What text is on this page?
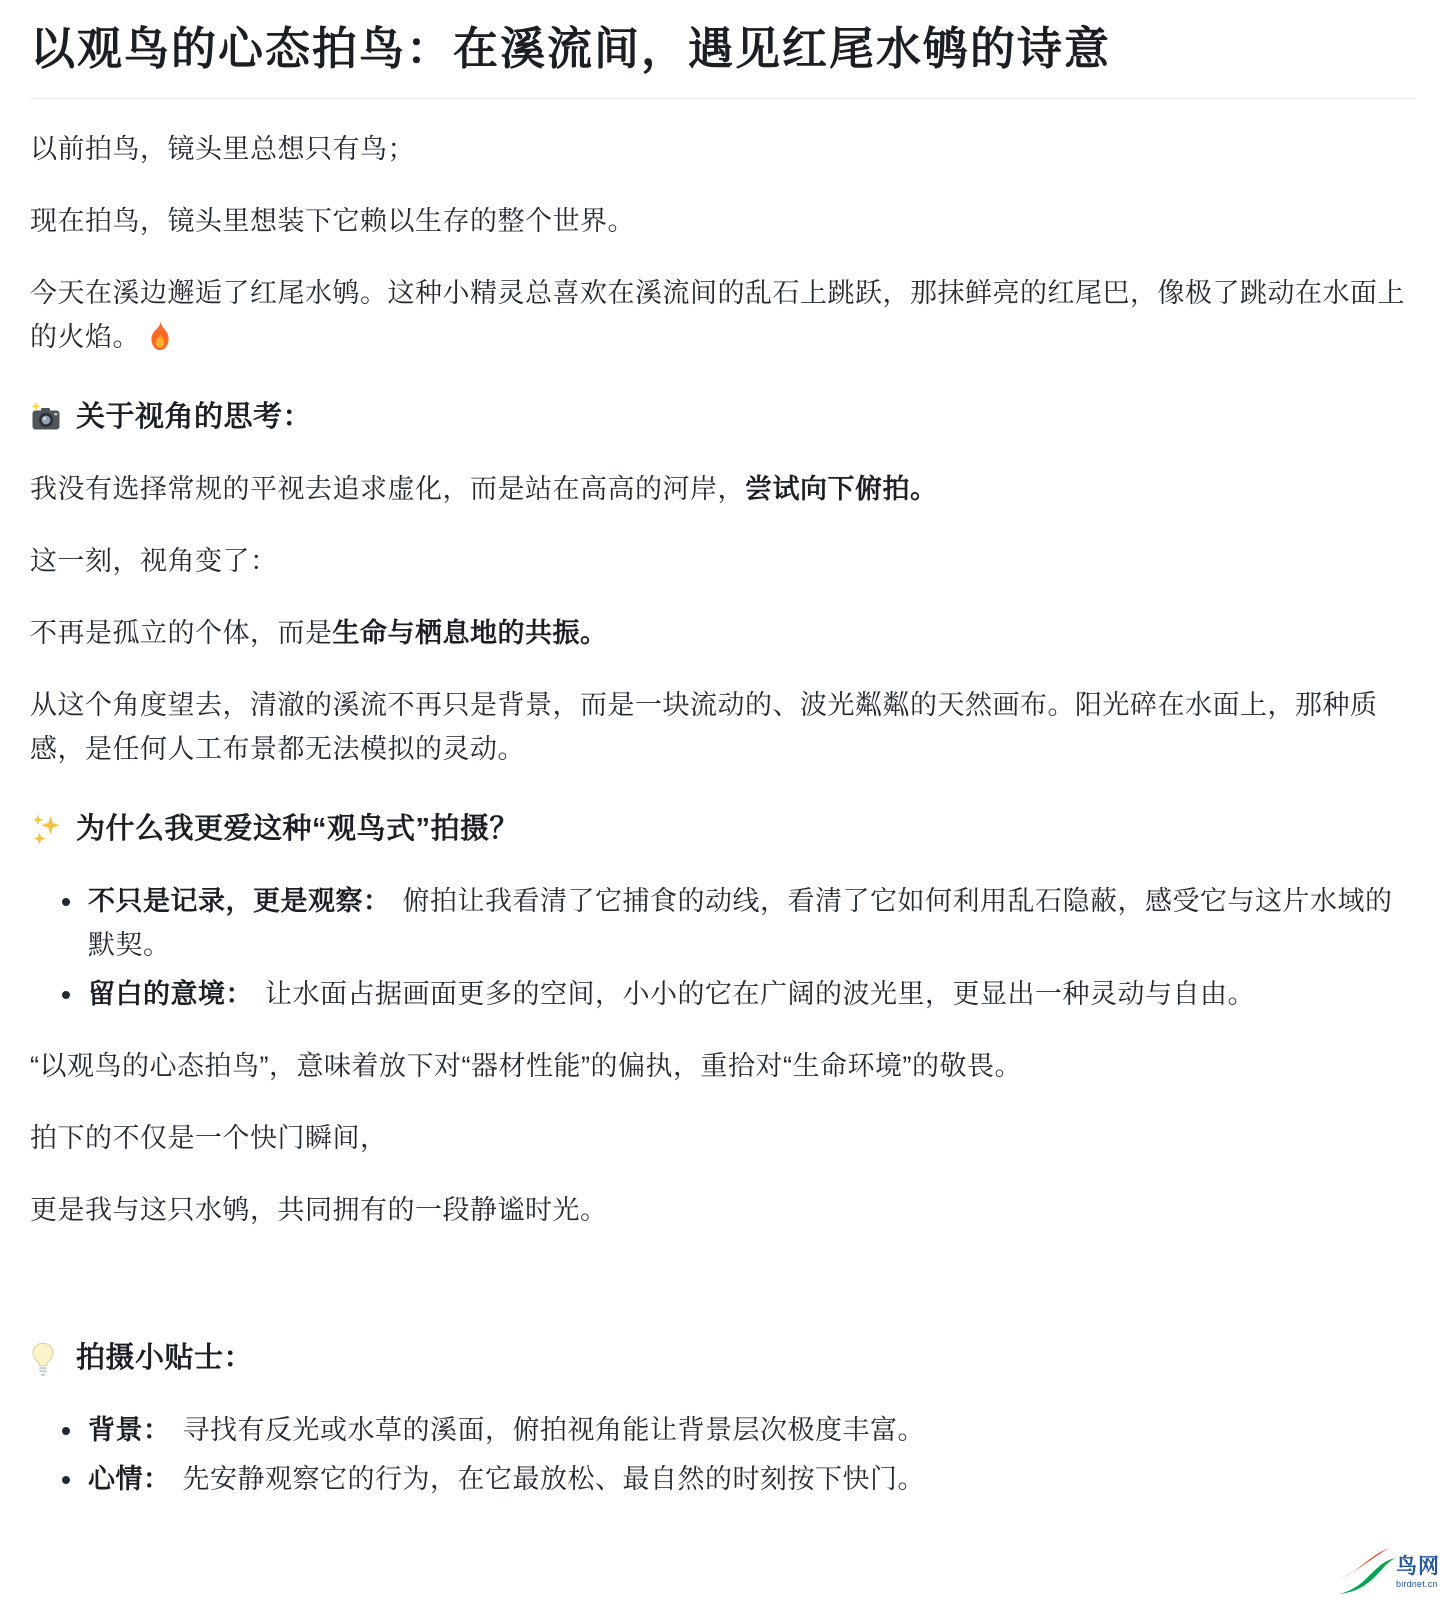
以观鸟的心态拍鸟：在溪流间，遇见红尾水鸲的诗意

以前拍鸟，镜头里总想只有鸟；

现在拍鸟，镜头里想装下它赖以生存的整个世界。

今天在溪边邂逅了红尾水鸲。这种小精灵总喜欢在溪流间的乱石上跳跃，那抹鲜亮的红尾巴，像极了跳动在水面上的火焰。

关于视角的思考：

我没有选择常规的平视去追求虚化，而是站在高高的河岸，尝试向下俯拍。

这一刻，视角变了：

不再是孤立的个体，而是生命与栖息地的共振。

从这个角度望去，清澈的溪流不再只是背景，而是一块流动的、波光粼粼的天然画布。阳光碎在水面上，那种质感，是任何人工布景都无法模拟的灵动。

为什么我更爱这种“观鸟式”拍摄？
不只是记录，更是观察： 俯拍让我看清了它捕食的动线，看清了它如何利用乱石隐蔽，感受它与这片水域的默契。
留白的意境： 让水面占据画面更多的空间，小小的它在广阔的波光里，更显出一种灵动与自由。

“以观鸟的心态拍鸟”，意味着放下对“器材性能”的偏执，重拾对“生命环境”的敬畏。

拍下的不仅是一个快门瞬间，

更是我与这只水鸲，共同拥有的一段静谧时光。

拍摄小贴士：
背景： 寻找有反光或水草的溪面，俯拍视角能让背景层次极度丰富。
心情： 先安静观察它的行为，在它最放松、最自然的时刻按下快门。
鸟网
birdnet.cn
